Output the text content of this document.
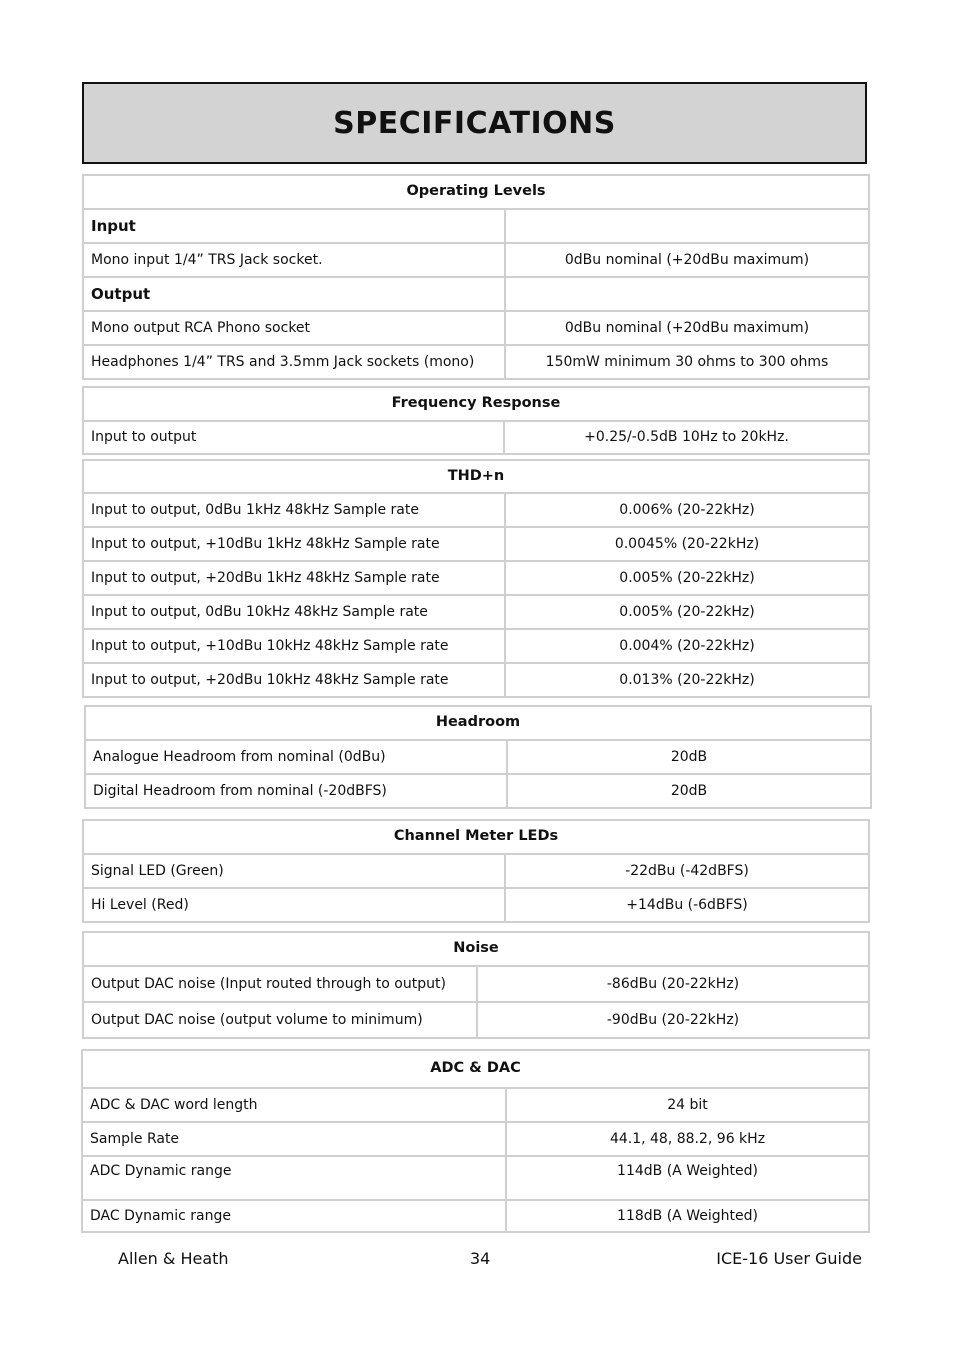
SPECIFICATIONS
Operating Levels	
Input	
Mono input 1/4” TRS Jack socket.	0dBu nominal (+20dBu maximum)
Output	
Mono output RCA Phono socket	0dBu nominal (+20dBu maximum)
Headphones 1/4” TRS and 3.5mm Jack sockets (mono)	150mW minimum 30 ohms to 300 ohms
Frequency Response
Input to output	+0.25/-0.5dB 10Hz to 20kHz.
THD+n	
Input to output, 0dBu 1kHz 48kHz Sample rate	0.006% (20-22kHz)
Input to output, +10dBu 1kHz 48kHz Sample rate	0.0045% (20-22kHz)
Input to output, +20dBu 1kHz 48kHz Sample rate	0.005% (20-22kHz)
Input to output, 0dBu 10kHz 48kHz Sample rate	0.005% (20-22kHz)
Input to output, +10dBu 10kHz 48kHz Sample rate	0.004% (20-22kHz)
Input to output, +20dBu 10kHz 48kHz Sample rate	0.013% (20-22kHz)
Headroom	
Analogue Headroom from nominal (0dBu)	20dB
Digital Headroom from nominal (-20dBFS)	20dB
Channel Meter LEDs	
Signal LED (Green)	-22dBu (-42dBFS)
Hi Level (Red)	+14dBu (-6dBFS)
Noise	
Output DAC noise (Input routed through to output)	-86dBu (20-22kHz)
Output DAC noise (output volume to minimum)	-90dBu (20-22kHz)
ADC & DAC	
ADC & DAC word length	24 bit
Sample Rate	44.1, 48, 88.2, 96 kHz
ADC Dynamic range	114dB (A Weighted)
DAC Dynamic range	118dB (A Weighted)
Allen & Heath	34	ICE-16 User Guide
